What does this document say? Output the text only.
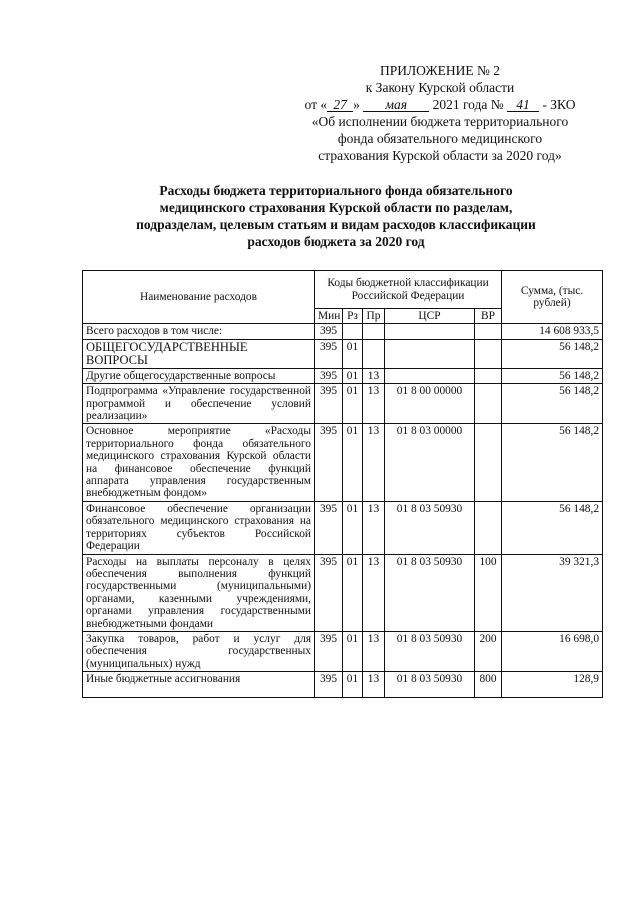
ПРИЛОЖЕНИЕ № 2
к Закону Курской области
от « 27 » мая 2021 года № 41 - ЗКО
«Об исполнении бюджета территориального
фонда обязательного медицинского
страхования Курской области за 2020 год»
Расходы бюджета территориального фонда обязательного
медицинского страхования Курской области по разделам,
подразделам, целевым статьям и видам расходов классификации
расходов бюджета за 2020 год
Наименование расходов	Коды бюджетной классификации Российской Федерации					Сумма, (тыс. рублей)
	Мин	Рз	Пр	ЦСР	ВР	
Всего расходов в том числе:	395					14 608 933,5
ОБЩЕГОСУДАРСТВЕННЫЕ ВОПРОСЫ	395	01				56 148,2
Другие общегосударственные вопросы	395	01	13			56 148,2
Подпрограмма «Управление государственной программой и обеспечение условий реализации»	395	01	13	01 8 00 00000		56 148,2
Основное мероприятие «Расходы территориального фонда обязательного медицинского страхования Курской области на финансовое обеспечение функций аппарата управления государственным внебюджетным фондом»	395	01	13	01 8 03 00000		56 148,2
Финансовое обеспечение организации обязательного медицинского страхования на территориях субъектов Российской Федерации	395	01	13	01 8 03 50930		56 148,2
Расходы на выплаты персоналу в целях обеспечения выполнения функций государственными (муниципальными) органами, казенными учреждениями, органами управления государственными внебюджетными фондами	395	01	13	01 8 03 50930	100	39 321,3
Закупка товаров, работ и услуг для обеспечения государственных (муниципальных) нужд	395	01	13	01 8 03 50930	200	16 698,0
Иные бюджетные ассигнования	395	01	13	01 8 03 50930	800	128,9
